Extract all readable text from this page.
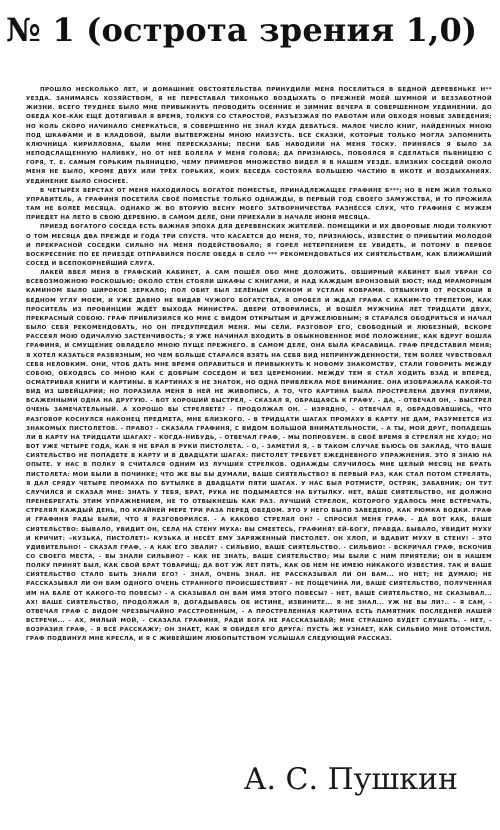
№ 1 (острота зрения 1,0)

ПРОШЛО НЕСКОЛЬКО ЛЕТ, И ДОМАШНИЕ ОБСТОЯТЕЛЬСТВА ПРИНУДИЛИ МЕНЯ ПОСЕЛИТЬСЯ В БЕДНОЙ ДЕРЕВЕНЬКЕ Н** УЕЗДА. ЗАНИМАЯСЬ ХОЗЯЙСТВОМ, Я НЕ ПЕРЕСТАВАЛ ТИХОНЬКО ВОЗДЫХАТЬ О ПРЕЖНЕЙ МОЕЙ ШУМНОЙ И БЕЗЗАБОТНОЙ ЖИЗНИ. ВСЕГО ТРУДНЕЕ БЫЛО МНЕ ПРИВЫКНУТЬ ПРОВОДИТЬ ОСЕННИЕ И ЗИМНИЕ ВЕЧЕРА В СОВЕРШЕННОМ УЕДИНЕНИИ. ДО ОБЕДА КОЕ-КАК ЕЩЁ ДОТЯГИВАЛ Я ВРЕМЯ, ТОЛКУЯ СО СТАРОСТОЙ, РАЗЪЕЗЖАЯ ПО РАБОТАМ ИЛИ ОБХОДЯ НОВЫЕ ЗАВЕДЕНИЯ; НО КОЛЬ СКОРО НАЧИНАЛО СМЕРКАТЬСЯ, Я СОВЕРШЕННО НЕ ЗНАЛ КУДА ДЕВАТЬСЯ. МАЛОЕ ЧИСЛО КНИГ, НАЙДЕННЫХ МНОЮ ПОД ШКАФАМИ И В КЛАДОВОЙ, БЫЛИ ВЫТВЕРЖЕНЫ МНОЮ НАИЗУСТЬ. ВСЕ СКАЗКИ, КОТОРЫЕ ТОЛЬКО МОГЛА ЗАПОМНИТЬ КЛЮЧНИЦА КИРИЛЛОВНА, БЫЛИ МНЕ ПЕРЕСКАЗАНЫ; ПЕСНИ БАБ НАВОДИЛИ НА МЕНЯ ТОСКУ. ПРИНЯЛСЯ Я БЫЛО ЗА НЕПОДСЛАЩЕННУЮ НАЛИВКУ, НО ОТ НЕЁ БОЛЕЛА У МЕНЯ ГОЛОВА; ДА ПРИЗНАЮСЬ, ПОБОЯЛСЯ Я СДЕЛАТЬСЯ ПЬЯНИЦЕЮ С ГОРЯ, Т. Е. САМЫМ ГОРЬКИМ ПЬЯНИЦЕЮ, ЧЕМУ ПРИМЕРОВ МНОЖЕСТВО ВИДЕЛ Я В НАШЕМ УЕЗДЕ. БЛИЗКИХ СОСЕДЕЙ ОКОЛО МЕНЯ НЕ БЫЛО, КРОМЕ ДВУХ ИЛИ ТРЁХ ГОРЬКИХ, КОИХ БЕСЕДА СОСТОЯЛА БОЛЬШЕЮ ЧАСТИЮ В ИКОТЕ И ВОЗДЫХАНИЯХ. УЕДИНЕНИЕ БЫЛО СНОСНЕЕ.

В ЧЕТЫРЁХ ВЕРСТАХ ОТ МЕНЯ НАХОДИЛОСЬ БОГАТОЕ ПОМЕСТЬЕ, ПРИНАДЛЕЖАЩЕЕ ГРАФИНЕ Б***; НО В НЕМ ЖИЛ ТОЛЬКО УПРАВИТЕЛЬ, А ГРАФИНЯ ПОСЕТИЛА СВОЁ ПОМЕСТЬЕ ТОЛЬКО ОДНАЖДЫ, В ПЕРВЫЙ ГОД СВОЕГО ЗАМУЖСТВА, И ТО ПРОЖИЛА ТАМ НЕ БОЛЕЕ МЕСЯЦА. ОДНАКО Ж ВО ВТОРУЮ ВЕСНУ МОЕГО ЗАТВОРНИЧЕСТВА РАЗНЁССЯ СЛУХ, ЧТО ГРАФИНЯ С МУЖЕМ ПРИЕДЕТ НА ЛЕТО В СВОЮ ДЕРЕВНЮ. В САМОМ ДЕЛЕ, ОНИ ПРИЕХАЛИ В НАЧАЛЕ ИЮНЯ МЕСЯЦА.

ПРИЕЗД БОГАТОГО СОСЕДА ЕСТЬ ВАЖНАЯ ЭПОХА ДЛЯ ДЕРЕВЕНСКИХ ЖИТЕЛЕЙ. ПОМЕЩИКИ И ИХ ДВОРОВЫЕ ЛЮДИ ТОЛКУЮТ О ТОМ МЕСЯЦА ДВА ПРЕЖДЕ И ГОДА ТРИ СПУСТЯ. ЧТО КАСАЕТСЯ ДО МЕНЯ, ТО, ПРИЗНАЮСЬ, ИЗВЕСТИЕ О ПРИБЫТИИ МОЛОДОЙ И ПРЕКРАСНОЙ СОСЕДКИ СИЛЬНО НА МЕНЯ ПОДЕЙСТВОВАЛО; Я ГОРЕЛ НЕТЕРПЕНИЕМ ЕЕ УВИДЕТЬ, И ПОТОМУ В ПЕРВОЕ ВОСКРЕСЕНИЕ ПО ЕЕ ПРИЕЗДЕ ОТПРАВИЛСЯ ПОСЛЕ ОБЕДА В СЕЛО *** РЕКОМЕНДОВАТЬСЯ ИХ СИЯТЕЛЬСТВАМ, КАК БЛИЖАЙШИЙ СОСЕД И ВСЕПОКОРНЕЙШИЙ СЛУГА.

ЛАКЕЙ ВВЕЛ МЕНЯ В ГРАФСКИЙ КАБИНЕТ, А САМ ПОШЁЛ ОБО МНЕ ДОЛОЖИТЬ. ОБШИРНЫЙ КАБИНЕТ БЫЛ УБРАН СО ВСЕВОЗМОЖНОЮ РОСКОШЬЮ; ОКОЛО СТЕН СТОЯЛИ ШКАФЫ С КНИГАМИ, И НАД КАЖДЫМ БРОНЗОВЫЙ БЮСТ; НАД МРАМОРНЫМ КАМИНОМ БЫЛО ШИРОКОЕ ЗЕРКАЛО; ПОЛ ОБИТ БЫЛ ЗЕЛЁНЫМ СУКНОМ И УСТЛАН КОВРАМИ. ОТВЫКНУВ ОТ РОСКОШИ В БЕДНОМ УГЛУ МОЕМ, И УЖЕ ДАВНО НЕ ВИДАВ ЧУЖОГО БОГАТСТВА, Я ОРОБЕЛ И ЖДАЛ ГРАФА С КАКИМ-ТО ТРЕПЕТОМ, КАК ПРОСИТЕЛЬ ИЗ ПРОВИНЦИИ ЖДЁТ ВЫХОДА МИНИСТРА. ДВЕРИ ОТВОРИЛИСЬ, И ВОШЁЛ МУЖЧИНА ЛЕТ ТРИДЦАТИ ДВУХ, ПРЕКРАСНЫЙ СОБОЮ. ГРАФ ПРИБЛИЗИЛСЯ КО МНЕ С ВИДОМ ОТКРЫТЫМ И ДРУЖЕЛЮБНЫМ; Я СТАРАЛСЯ ОБОДРИТЬСЯ И НАЧАЛ БЫЛО СЕБЯ РЕКОМЕНДОВАТЬ, НО ОН ПРЕДУПРЕДИЛ МЕНЯ. МЫ СЕЛИ. РАЗГОВОР ЕГО, СВОБОДНЫЙ И ЛЮБЕЗНЫЙ, ВСКОРЕ РАССЕЯЛ МОЮ ОДИЧАЛУЮ ЗАСТЕНЧИВОСТЬ; Я УЖЕ НАЧИНАЛ ВХОДИТЬ В ОБЫКНОВЕННОЕ МОЁ ПОЛОЖЕНИЕ, КАК ВДРУГ ВОШЛА ГРАФИНЯ, И СМУЩЕНИЕ ОВЛАДЕЛО МНОЮ ПУЩЕ ПРЕЖНЕГО. В САМОМ ДЕЛЕ, ОНА БЫЛА КРАСАВИЦА. ГРАФ ПРЕДСТАВИЛ МЕНЯ; Я ХОТЕЛ КАЗАТЬСЯ РАЗВЯЗНЫМ, НО ЧЕМ БОЛЬШЕ СТАРАЛСЯ ВЗЯТЬ НА СЕБЯ ВИД НЕПРИНУЖДЕННОСТИ, ТЕМ БОЛЕЕ ЧУВСТВОВАЛ СЕБЯ НЕЛОВКИМ. ОНИ, ЧТОБ ДАТЬ МНЕ ВРЕМЯ ОПРАВИТЬСЯ И ПРИВЫКНУТЬ К НОВОМУ ЗНАКОМСТВУ, СТАЛИ ГОВОРИТЬ МЕЖДУ СОБОЮ, ОБХОДЯСЬ СО МНОЮ КАК С ДОБРЫМ СОСЕДОМ И БЕЗ ЦЕРЕМОНИИ. МЕЖДУ ТЕМ Я СТАЛ ХОДИТЬ ВЗАД И ВПЕРЕД, ОСМАТРИВАЯ КНИГИ И КАРТИНЫ. В КАРТИНАХ Я НЕ ЗНАТОК, НО ОДНА ПРИВЛЕКЛА МОЁ ВНИМАНИЕ. ОНА ИЗОБРАЖАЛА КАКОЙ-ТО ВИД ИЗ ШВЕЙЦАРИИ; НО ПОРАЗИЛА МЕНЯ В НЕЙ НЕ ЖИВОПИСЬ, А ТО, ЧТО КАРТИНА БЫЛА ПРОСТРЕЛЕНА ДВУМЯ ПУЛЯМИ, ВСАЖЕННЫМИ ОДНА НА ДРУГУЮ. - ВОТ ХОРОШИЙ ВЫСТРЕЛ, - СКАЗАЛ Я, ОБРАЩАЯСЬ К ГРАФУ. - ДА, - ОТВЕЧАЛ ОН, - ВЫСТРЕЛ ОЧЕНЬ ЗАМЕЧАТЕЛЬНЫЙ. А ХОРОШО ВЫ СТРЕЛЯЕТЕ? - ПРОДОЛЖАЛ ОН. - ИЗРЯДНО, - ОТВЕЧАЛ Я, ОБРАДОВАВШИСЬ, ЧТО РАЗГОВОР КОСНУЛСЯ НАКОНЕЦ ПРЕДМЕТА, МНЕ БЛИЗКОГО. - В ТРИДЦАТИ ШАГАХ ПРОМАХУ В КАРТУ НЕ ДАМ, РАЗУМЕЕТСЯ ИЗ ЗНАКОМЫХ ПИСТОЛЕТОВ. - ПРАВО? - СКАЗАЛА ГРАФИНЯ, С ВИДОМ БОЛЬШОЙ ВНИМАТЕЛЬНОСТИ, - А ТЫ, МОЙ ДРУГ, ПОПАДЕШЬ ЛИ В КАРТУ НА ТРИДЦАТИ ШАГАХ? - КОГДА-НИБУДЬ, - ОТВЕЧАЛ ГРАФ, - МЫ ПОПРОБУЕМ. В СВОЁ ВРЕМЯ Я СТРЕЛЯЛ НЕ ХУДО; НО ВОТ УЖЕ ЧЕТЫРЕ ГОДА, КАК Я НЕ БРАЛ В РУКИ ПИСТОЛЕТА. - О, - ЗАМЕТИЛ Я, - В ТАКОМ СЛУЧАЕ БЬЮСЬ ОБ ЗАКЛАД, ЧТО ВАШЕ СИЯТЕЛЬСТВО НЕ ПОПАДЕТЕ В КАРТУ И В ДВАДЦАТИ ШАГАХ: ПИСТОЛЕТ ТРЕБУЕТ ЕЖЕДНЕВНОГО УПРАЖНЕНИЯ. ЭТО Я ЗНАЮ НА ОПЫТЕ. У НАС В ПОЛКУ Я СЧИТАЛСЯ ОДНИМ ИЗ ЛУЧШИХ СТРЕЛКОВ. ОДНАЖДЫ СЛУЧИЛОСЬ МНЕ ЦЕЛЫЙ МЕСЯЦ НЕ БРАТЬ ПИСТОЛЕТА: МОИ БЫЛИ В ПОЧИНКЕ; ЧТО ЖЕ ВЫ БЫ ДУМАЛИ, ВАШЕ СИЯТЕЛЬСТВО? В ПЕРВЫЙ РАЗ, КАК СТАЛ ПОТОМ СТРЕЛЯТЬ, Я ДАЛ СРЯДУ ЧЕТЫРЕ ПРОМАХА ПО БУТЫЛКЕ В ДВАДЦАТИ ПЯТИ ШАГАХ. У НАС БЫЛ РОТМИСТР, ОСТРЯК, ЗАБАВНИК; ОН ТУТ СЛУЧИЛСЯ И СКАЗАЛ МНЕ: ЗНАТЬ У ТЕБЯ, БРАТ, РУКА НЕ ПОДЫМАЕТСЯ НА БУТЫЛКУ. НЕТ, ВАШЕ СИЯТЕЛЬСТВО, НЕ ДОЛЖНО ПРЕНЕБРЕГАТЬ ЭТИМ УПРАЖНЕНИЕМ, НЕ ТО ОТВЫКНЕШЬ КАК РАЗ. ЛУЧШИЙ СТРЕЛОК, КОТОРОГО УДАЛОСЬ МНЕ ВСТРЕЧАТЬ, СТРЕЛЯЛ КАЖДЫЙ ДЕНЬ, ПО КРАЙНЕЙ МЕРЕ ТРИ РАЗА ПЕРЕД ОБЕДОМ. ЭТО У НЕГО БЫЛО ЗАВЕДЕНО, КАК РЮМКА ВОДКИ. ГРАФ И ГРАФИНЯ РАДЫ БЫЛИ, ЧТО Я РАЗГОВОРИЛСЯ. - А КАКОВО СТРЕЛЯЛ ОН? - СПРОСИЛ МЕНЯ ГРАФ. - ДА ВОТ КАК, ВАШЕ СИЯТЕЛЬСТВО: БЫВАЛО, УВИДИТ ОН, СЕЛА НА СТЕНУ МУХА: ВЫ СМЕЕТЕСЬ, ГРАФИНЯ? ЕЙ-БОГУ, ПРАВДА. БЫВАЛО, УВИДИТ МУХУ И КРИЧИТ: «КУЗЬКА, ПИСТОЛЕТ!» КУЗЬКА И НЕСЁТ ЕМУ ЗАРЯЖЕННЫЙ ПИСТОЛЕТ. ОН ХЛОП, И ВДАВИТ МУХУ В СТЕНУ! - ЭТО УДИВИТЕЛЬНО! - СКАЗАЛ ГРАФ, - А КАК ЕГО ЗВАЛИ? - СИЛЬВИО, ВАШЕ СИЯТЕЛЬСТВО. - СИЛЬВИО! - ВСКРИЧАЛ ГРАФ, ВСКОЧИВ СО СВОЕГО МЕСТА, - ВЫ ЗНАЛИ СИЛЬВИО? - КАК НЕ ЗНАТЬ, ВАШЕ СИЯТЕЛЬСТВО; МЫ БЫЛИ С НИМ ПРИЯТЕЛИ; ОН В НАШЕМ ПОЛКУ ПРИНЯТ БЫЛ, КАК СВОЙ БРАТ ТОВАРИЩ; ДА ВОТ УЖ ЛЕТ ПЯТЬ, КАК ОБ НЕМ НЕ ИМЕЮ НИКАКОГО ИЗВЕСТИЯ. ТАК И ВАШЕ СИЯТЕЛЬСТВО СТАЛО БЫТЬ ЗНАЛИ ЕГО? - ЗНАЛ, ОЧЕНЬ ЗНАЛ. НЕ РАССКАЗЫВАЛ ЛИ ОН ВАМ... НО НЕТ; НЕ ДУМАЮ; НЕ РАССКАЗЫВАЛ ЛИ ОН ВАМ ОДНОГО ОЧЕНЬ СТРАННОГО ПРОИСШЕСТВИЯ? - НЕ ПОЩЕЧИНА ЛИ, ВАШЕ СИЯТЕЛЬСТВО, ПОЛУЧЕННАЯ ИМ НА БАЛЕ ОТ КАКОГО-ТО ПОВЕСЫ? - А СКАЗЫВАЛ ОН ВАМ ИМЯ ЭТОГО ПОВЕСЫ? - НЕТ, ВАШЕ СИЯТЕЛЬСТВО, НЕ СКАЗЫВАЛ... АХ! ВАШЕ СИЯТЕЛЬСТВО, ПРОДОЛЖАЛ Я, ДОГАДЫВАЯСЬ ОБ ИСТИНЕ, ИЗВИНИТЕ... Я НЕ ЗНАЛ... УЖ НЕ ВЫ ЛИ?.. - Я САМ, - ОТВЕЧАЛ ГРАФ С ВИДОМ ЧРЕЗВЫЧАЙНО РАССТРОЕННЫМ, - А ПРОСТРЕЛЕННАЯ КАРТИНА ЕСТЬ ПАМЯТНИК ПОСЛЕДНЕЙ НАШЕЙ ВСТРЕЧИ... - АХ, МИЛЫЙ МОЙ, - СКАЗАЛА ГРАФИНЯ, РАДИ БОГА НЕ РАССКАЗЫВАЙ; МНЕ СТРАШНО БУДЕТ СЛУШАТЬ. - НЕТ, - ВОЗРАЗИЛ ГРАФ, - Я ВСЁ РАССКАЖУ; ОН ЗНАЕТ, КАК Я ОБИДЕЛ ЕГО ДРУГА: ПУСТЬ ЖЕ УЗНАЕТ, КАК СИЛЬВИО МНЕ ОТОМСТИЛ. ГРАФ ПОДВИНУЛ МНЕ КРЕСЛА, И Я С ЖИВЕЙШИМ ЛЮБОПЫТСТВОМ УСЛЫШАЛ СЛЕДУЮЩИЙ РАССКАЗ.

А. С. Пушкин
